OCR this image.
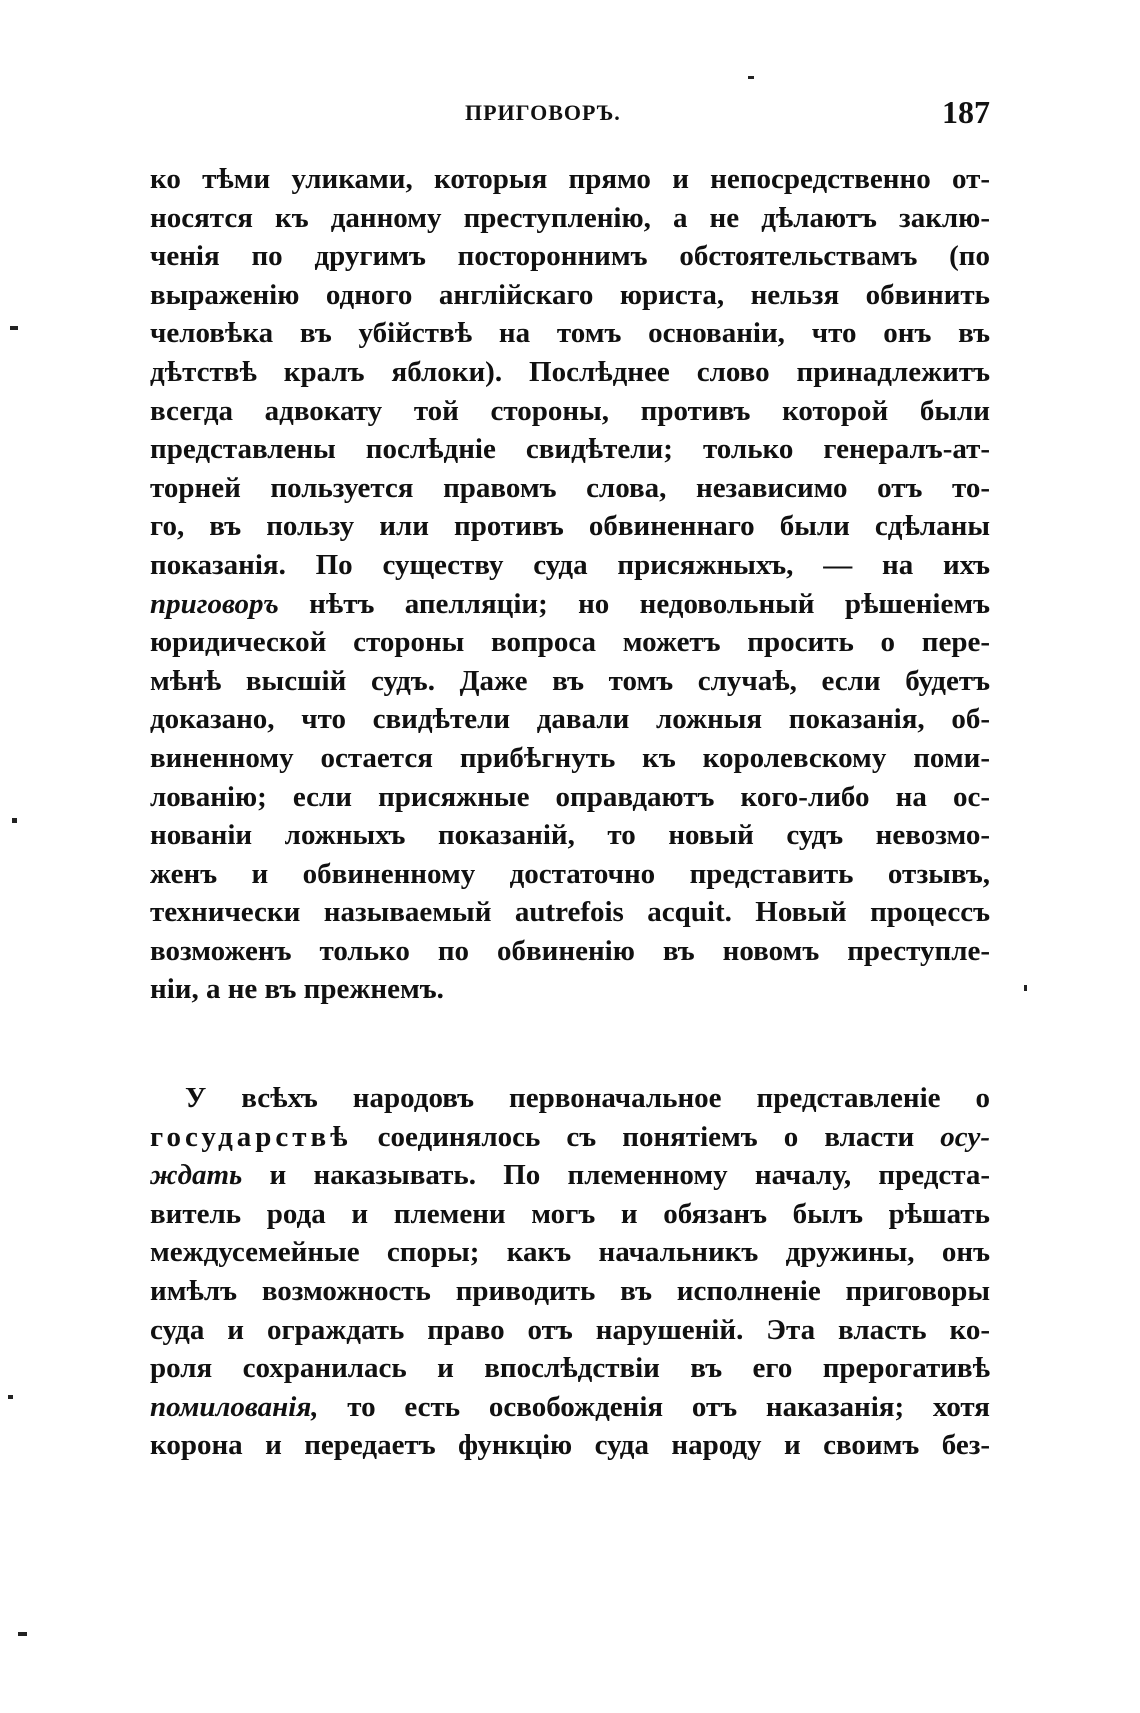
ПРИГОВОРЪ.	187
ко тѣми уликами, которыя прямо и непосредственно от-
носятся къ данному преступленію, а не дѣлаютъ заклю-
ченія по другимъ постороннимъ обстоятельствамъ (по
выраженію одного англійскаго юриста, нельзя обвинить
человѣка въ убійствѣ на томъ основаніи, что онъ въ
дѣтствѣ кралъ яблоки). Послѣднее слово принадлежитъ
всегда адвокату той стороны, противъ которой были
представлены послѣдніе свидѣтели; только генералъ-ат-
торней пользуется правомъ слова, независимо отъ то-
го, въ пользу или противъ обвиненнаго были сдѣланы
показанія. По существу суда присяжныхъ, — на ихъ
приговоръ нѣтъ апелляціи; но недовольный рѣшеніемъ
юридической стороны вопроса можетъ просить о пере-
мѣнѣ высшій судъ. Даже въ томъ случаѣ, если будетъ
доказано, что свидѣтели давали ложныя показанія, об-
виненному остается прибѣгнуть къ королевскому поми-
лованію; если присяжные оправдаютъ кого-либо на ос-
нованіи ложныхъ показаній, то новый судъ невозмо-
женъ и обвиненному достаточно представить отзывъ,
технически называемый autrefois acquit. Новый процессъ
возможенъ только по обвиненію въ новомъ преступле-
ніи, а не въ прежнемъ.
У всѣхъ народовъ первоначальное представленіе о
государствѣ соединялось съ понятіемъ о власти осу-
ждать и наказывать. По племенному началу, предста-
витель рода и племени могъ и обязанъ былъ рѣшать
междусемейные споры; какъ начальникъ дружины, онъ
имѣлъ возможность приводить въ исполненіе приговоры
суда и ограждать право отъ нарушеній. Эта власть ко-
роля сохранилась и впослѣдствіи въ его прерогативѣ
помилованія, то есть освобожденія отъ наказанія; хотя
корона и передаетъ функцію суда народу и своимъ без-
